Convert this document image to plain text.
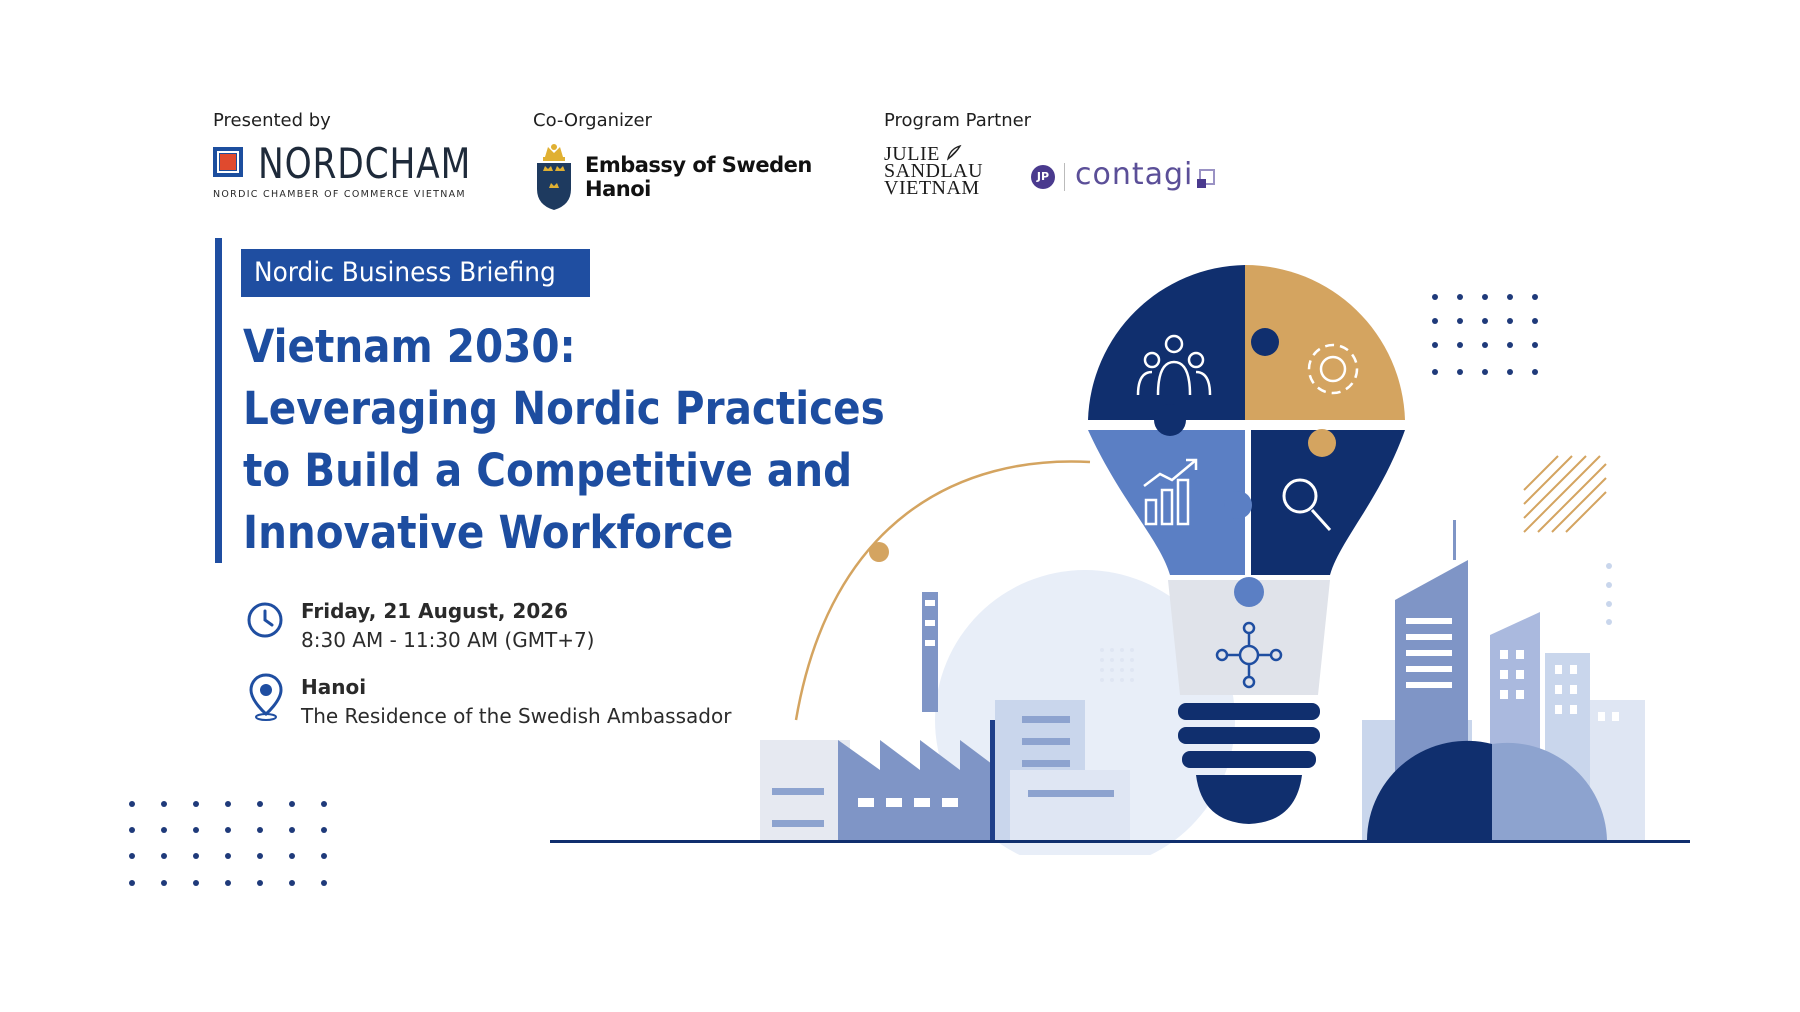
Presented by	Co-Organizer	Program Partner
NORDCHAM
NORDIC CHAMBER OF COMMERCE VIETNAM
Embassy of Sweden
Hanoi
JULIE
SANDLAU
VIETNAM
JP contagi
Nordic Business Briefing
Vietnam 2030:
Leveraging Nordic Practices
to Build a Competitive and
Innovative Workforce
Friday, 21 August, 2026
8:30 AM - 11:30 AM (GMT+7)
Hanoi
The Residence of the Swedish Ambassador
